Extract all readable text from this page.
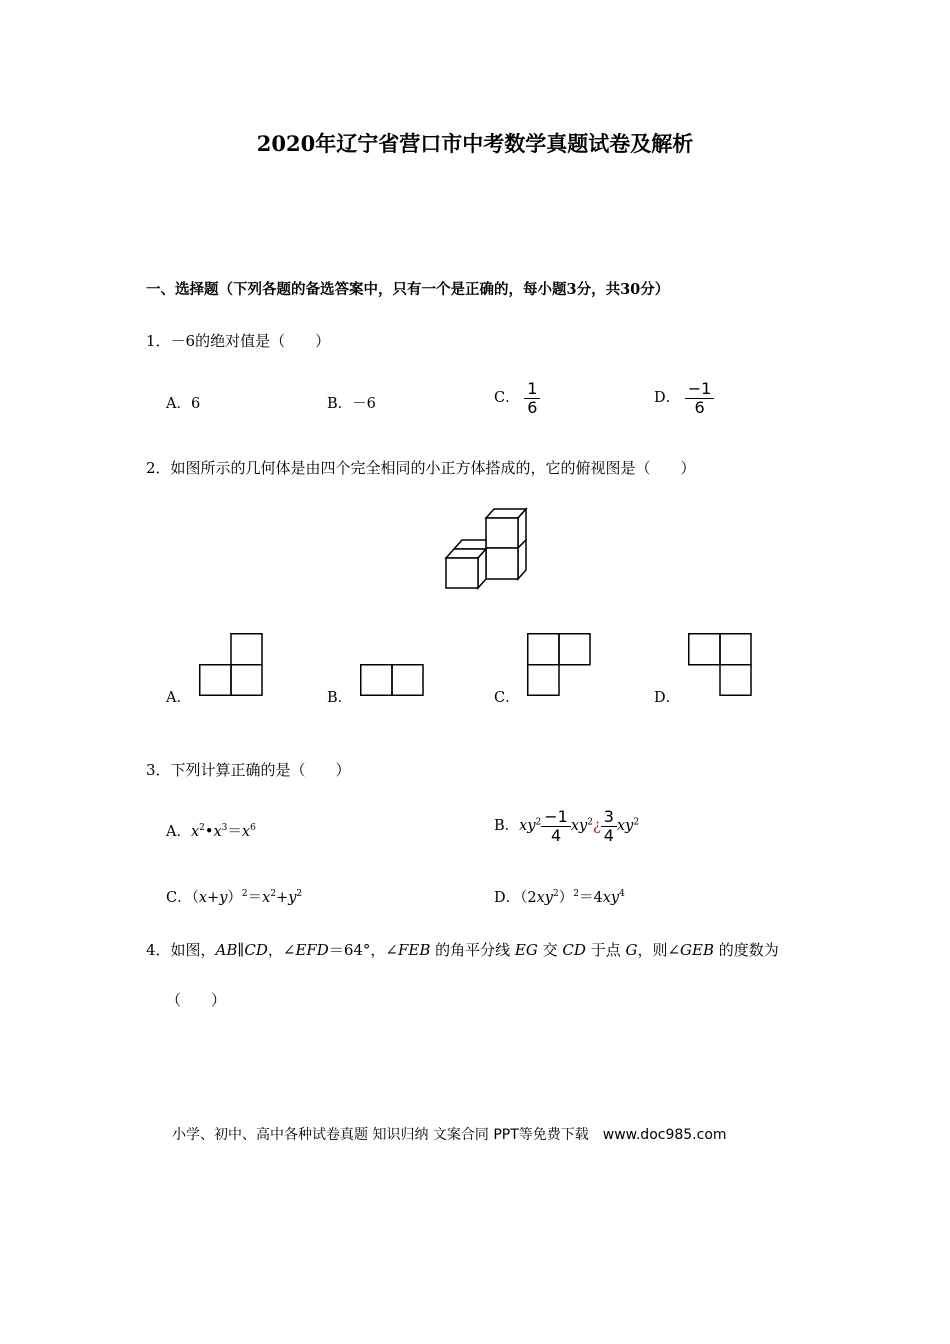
2020年辽宁省营口市中考数学真题试卷及解析
一、选择题（下列各题的备选答案中，只有一个是正确的，每小题3分，共30分）
1．－6的绝对值是（　　）
A．6	B．－6	C． $\frac{1}{6}$	D． $\frac{-1}{6}$
2．如图所示的几何体是由四个完全相同的小正方体搭成的，它的俯视图是（　　）
A．	B．	C．	D．
3．下列计算正确的是（　　）
A．$x^2•x^3=x^6$	B．$xy^2 \frac{-1}{4}$ $xy^2¿ \frac{3}{4} xy^2$
C．$(x+y)^2=x^2+y^2$	D．$(2xy^2)^2=4xy^4$
4．如图，AB∥CD，∠EFD＝64°，∠FEB 的角平分线 EG 交 CD 于点 G，则∠GEB 的度数为
（　　）
小学、初中、高中各种试卷真题 知识归纳 文案合同 PPT等免费下载　www.doc985.com
